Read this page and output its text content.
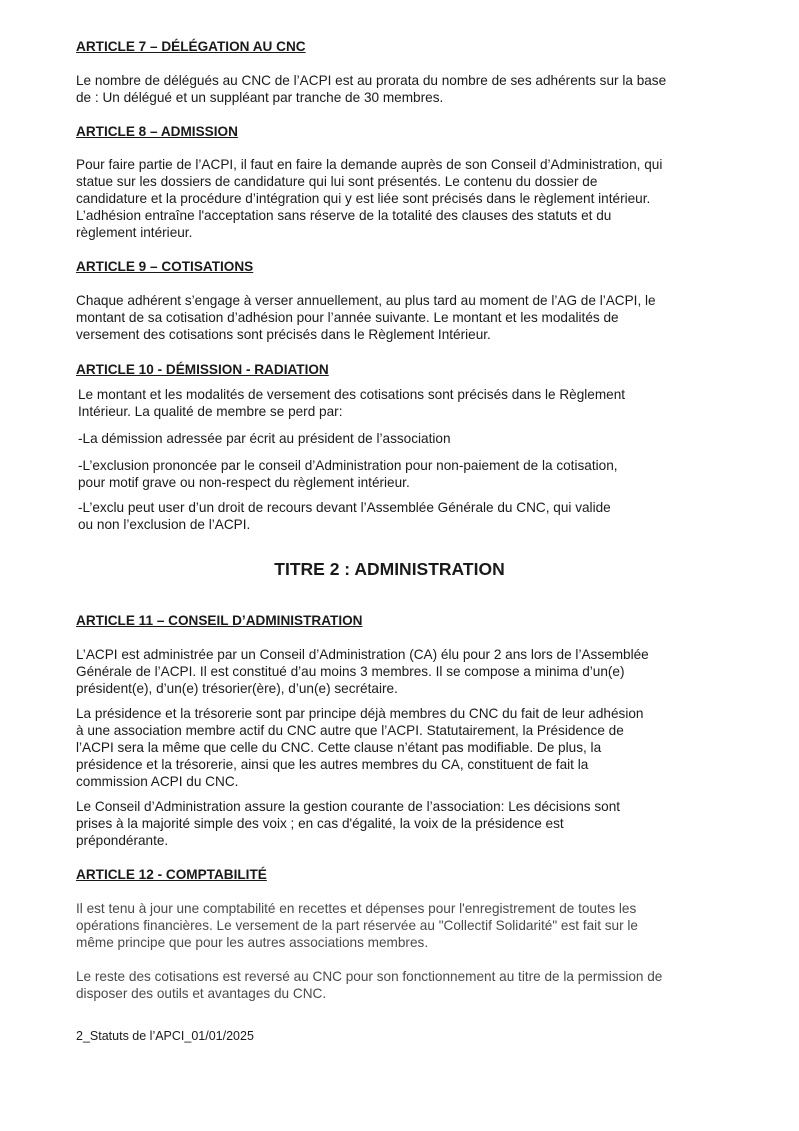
ARTICLE 7 – DÉLÉGATION AU CNC

Le nombre de délégués au CNC de l’ACPI est au prorata du nombre de ses adhérents sur la base
de : Un délégué et un suppléant par tranche de 30 membres.

ARTICLE 8 – ADMISSION

Pour faire partie de l’ACPI, il faut en faire la demande auprès de son Conseil d’Administration, qui
statue sur les dossiers de candidature qui lui sont présentés. Le contenu du dossier de
candidature et la procédure d’intégration qui y est liée sont précisés dans le règlement intérieur.
L’adhésion entraîne l'acceptation sans réserve de la totalité des clauses des statuts et du
règlement intérieur.

ARTICLE 9 – COTISATIONS

Chaque adhérent s’engage à verser annuellement, au plus tard au moment de l’AG de l’ACPI, le
montant de sa cotisation d’adhésion pour l’année suivante. Le montant et les modalités de
versement des cotisations sont précisés dans le Règlement Intérieur.

ARTICLE 10 - DÉMISSION - RADIATION

Le montant et les modalités de versement des cotisations sont précisés dans le Règlement
Intérieur. La qualité de membre se perd par:

-La démission adressée par écrit au président de l’association

-L’exclusion prononcée par le conseil d’Administration pour non-paiement de la cotisation,
pour motif grave ou non-respect du règlement intérieur.

-L’exclu peut user d’un droit de recours devant l’Assemblée Générale du CNC, qui valide
ou non l’exclusion de l’ACPI.

TITRE 2 : ADMINISTRATION

ARTICLE 11 – CONSEIL D’ADMINISTRATION

L’ACPI est administrée par un Conseil d’Administration (CA) élu pour 2 ans lors de l’Assemblée
Générale de l’ACPI. Il est constitué d’au moins 3 membres. Il se compose a minima d’un(e)
président(e), d’un(e) trésorier(ère), d’un(e) secrétaire.

La présidence et la trésorerie sont par principe déjà membres du CNC du fait de leur adhésion
à une association membre actif du CNC autre que l’ACPI. Statutairement, la Présidence de
l’ACPI sera la même que celle du CNC. Cette clause n’étant pas modifiable. De plus, la
présidence et la trésorerie, ainsi que les autres membres du CA, constituent de fait la
commission ACPI du CNC.

Le Conseil d’Administration assure la gestion courante de l’association: Les décisions sont
prises à la majorité simple des voix ; en cas d'égalité, la voix de la présidence est
prépondérante.

ARTICLE 12 - COMPTABILITÉ

Il est tenu à jour une comptabilité en recettes et dépenses pour l'enregistrement de toutes les
opérations financières. Le versement de la part réservée au "Collectif Solidarité" est fait sur le
même principe que pour les autres associations membres.

Le reste des cotisations est reversé au CNC pour son fonctionnement au titre de la permission de
disposer des outils et avantages du CNC.

2_Statuts de l’APCI_01/01/2025
